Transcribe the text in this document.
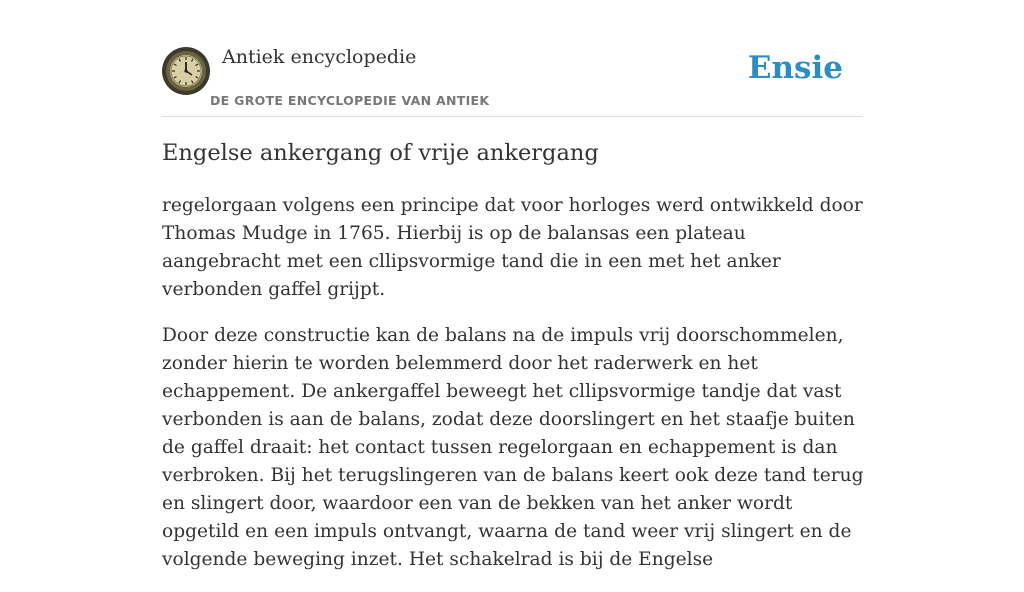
Antiek encyclopedie
DE GROTE ENCYCLOPEDIE VAN ANTIEK
Ensie
Engelse ankergang of vrije ankergang

regelorgaan volgens een principe dat voor horloges werd ontwikkeld door Thomas Mudge in 1765. Hierbij is op de balansas een plateau aangebracht met een cllipsvormige tand die in een met het anker verbonden gaffel grijpt.

Door deze constructie kan de balans na de impuls vrij doorschommelen, zonder hierin te worden belemmerd door het raderwerk en het echappement. De ankergaffel beweegt het cllipsvormige tandje dat vast verbonden is aan de balans, zodat deze doorslingert en het staafje buiten de gaffel draait: het contact tussen regelorgaan en echappement is dan verbroken. Bij het terugslingeren van de balans keert ook deze tand terug en slingert door, waardoor een van de bekken van het anker wordt opgetild en een impuls ontvangt, waarna de tand weer vrij slingert en de volgende beweging inzet. Het schakelrad is bij de Engelse
